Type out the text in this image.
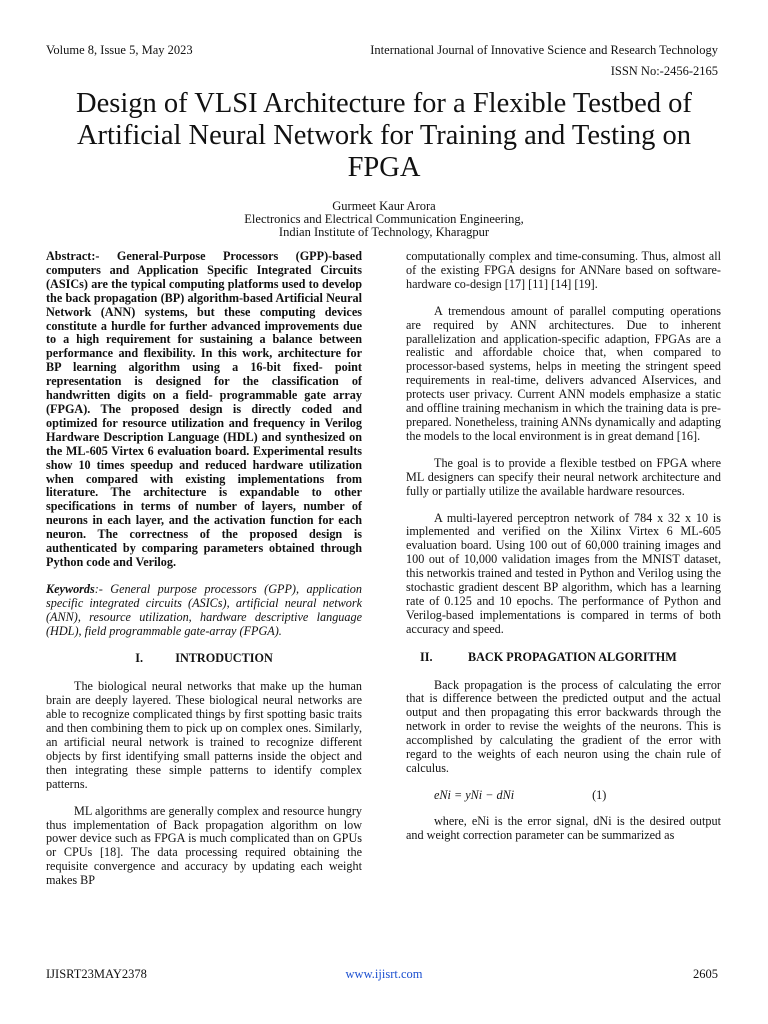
Volume 8, Issue 5, May 2023	International Journal of Innovative Science and Research Technology
ISSN No:-2456-2165
Design of VLSI Architecture for a Flexible Testbed of Artificial Neural Network for Training and Testing on FPGA
Gurmeet Kaur Arora
Electronics and Electrical Communication Engineering,
Indian Institute of Technology, Kharagpur

Abstract:- General-Purpose Processors (GPP)-based computers and Application Specific Integrated Circuits (ASICs) are the typical computing platforms used to develop the back propagation (BP) algorithm-based Artificial Neural Network (ANN) systems, but these computing devices constitute a hurdle for further advanced improvements due to a high requirement for sustaining a balance between performance and flexibility. In this work, architecture for BP learning algorithm using a 16-bit fixed- point representation is designed for the classification of handwritten digits on a field- programmable gate array (FPGA). The proposed design is directly coded and optimized for resource utilization and frequency in Verilog Hardware Description Language (HDL) and synthesized on the ML-605 Virtex 6 evaluation board. Experimental results show 10 times speedup and reduced hardware utilization when compared with existing implementations from literature. The architecture is expandable to other specifications in terms of number of layers, number of neurons in each layer, and the activation function for each neuron. The correctness of the proposed design is authenticated by comparing parameters obtained through Python code and Verilog.

Keywords:- General purpose processors (GPP), application specific integrated circuits (ASICs), artificial neural network (ANN), resource utilization, hardware descriptive language (HDL), field programmable gate-array (FPGA).

I.	INTRODUCTION

The biological neural networks that make up the human brain are deeply layered. These biological neural networks are able to recognize complicated things by first spotting basic traits and then combining them to pick up on complex ones. Similarly, an artificial neural network is trained to recognize different objects by first identifying small patterns inside the object and then integrating these simple patterns to identify complex patterns.

ML algorithms are generally complex and resource hungry thus implementation of Back propagation algorithm on low power device such as FPGA is much complicated than on GPUs or CPUs [18]. The data processing required obtaining the requisite convergence and accuracy by updating each weight makes BP

computationally complex and time-consuming. Thus, almost all of the existing FPGA designs for ANNare based on software-hardware co-design [17] [11] [14] [19].

A tremendous amount of parallel computing operations are required by ANN architectures. Due to inherent parallelization and application-specific adaption, FPGAs are a realistic and affordable choice that, when compared to processor-based systems, helps in meeting the stringent speed requirements in real-time, delivers advanced AIservices, and protects user privacy. Current ANN models emphasize a static and offline training mechanism in which the training data is pre-prepared. Nonetheless, training ANNs dynamically and adapting the models to the local environment is in great demand [16].

The goal is to provide a flexible testbed on FPGA where ML designers can specify their neural network architecture and fully or partially utilize the available hardware resources.

A multi-layered perceptron network of 784 x 32 x 10 is implemented and verified on the Xilinx Virtex 6 ML-605 evaluation board. Using 100 out of 60,000 training images and 100 out of 10,000 validation images from the MNIST dataset, this networkis trained and tested in Python and Verilog using the stochastic gradient descent BP algorithm, which has a learning rate of 0.125 and 10 epochs. The performance of Python and Verilog-based implementations is compared in terms of both accuracy and speed.

II.	BACK PROPAGATION ALGORITHM

Back propagation is the process of calculating the error that is difference between the predicted output and the actual output and then propagating this error backwards through the network in order to revise the weights of the neurons. This is accomplished by calculating the gradient of the error with regard to the weights of each neuron using the chain rule of calculus.

eNi = yNi − dNi	(1)

where, eNi is the error signal, dNi is the desired output and weight correction parameter can be summarized as

IJISRT23MAY2378	www.ijisrt.com	2605
